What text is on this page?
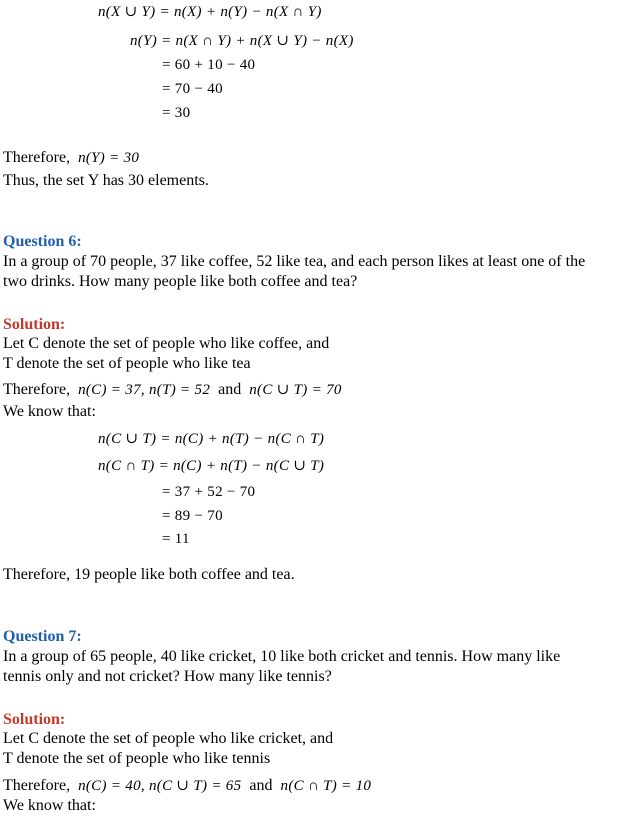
n(X ∪ Y) = n(X) + n(Y) − n(X ∩ Y)
n(Y) = n(X ∩ Y) + n(X ∪ Y) − n(X)
= 60 + 10 − 40
= 70 − 40
= 30
Therefore, n(Y) = 30
Thus, the set Y has 30 elements.
Question 6:
In a group of 70 people, 37 like coffee, 52 like tea, and each person likes at least one of the
two drinks. How many people like both coffee and tea?
Solution:
Let C denote the set of people who like coffee, and
T denote the set of people who like tea
Therefore, n(C) = 37, n(T) = 52 and n(C ∪ T) = 70
We know that:
n(C ∪ T) = n(C) + n(T) − n(C ∩ T)
n(C ∩ T) = n(C) + n(T) − n(C ∪ T)
= 37 + 52 − 70
= 89 − 70
= 11
Therefore, 19 people like both coffee and tea.
Question 7:
In a group of 65 people, 40 like cricket, 10 like both cricket and tennis. How many like
tennis only and not cricket? How many like tennis?
Solution:
Let C denote the set of people who like cricket, and
T denote the set of people who like tennis
Therefore, n(C) = 40, n(C ∪ T) = 65 and n(C ∩ T) = 10
We know that:
